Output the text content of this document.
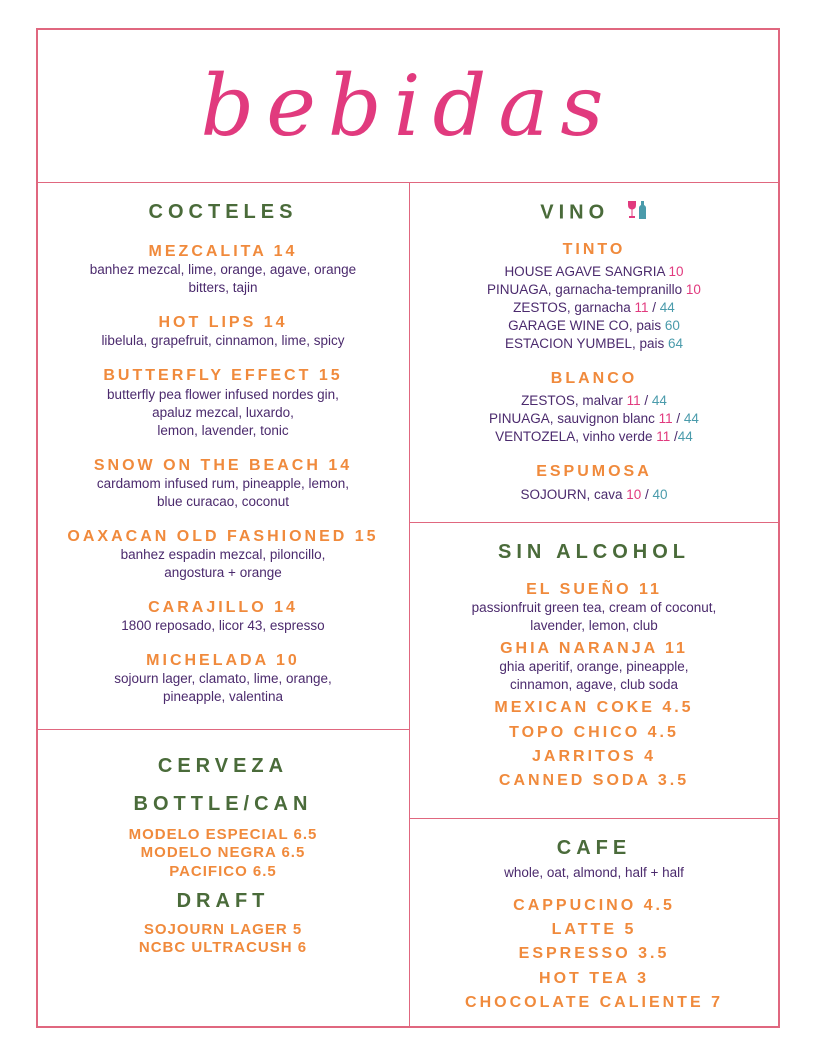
bebidas
COCTELES
MEZCALITA 14

banhez mezcal, lime, orange, agave, orange

bitters, tajin

HOT LIPS 14

libelula, grapefruit, cinnamon, lime, spicy

BUTTERFLY EFFECT 15

butterfly pea flower infused nordes gin,

apaluz mezcal, luxardo,

lemon, lavender, tonic

SNOW ON THE BEACH 14

cardamom infused rum, pineapple, lemon,

blue curacao, coconut

OAXACAN OLD FASHIONED 15

banhez espadin mezcal, piloncillo,

angostura + orange

CARAJILLO 14

1800 reposado, licor 43, espresso

MICHELADA 10

sojourn lager, clamato, lime, orange,

pineapple, valentina

CERVEZA
BOTTLE/CAN
MODELO ESPECIAL 6.5
MODELO NEGRA 6.5
PACIFICO 6.5
DRAFT
SOJOURN LAGER 5
NCBC ULTRACUSH 6
VINO
TINTO

HOUSE AGAVE SANGRIA 10

PINUAGA, garnacha-tempranillo 10

ZESTOS, garnacha 11 / 44

GARAGE WINE CO, pais 60

ESTACION YUMBEL, pais 64

BLANCO

ZESTOS, malvar 11 / 44

PINUAGA, sauvignon blanc 11 / 44

VENTOZELA, vinho verde 11 /44

ESPUMOSA

SOJOURN, cava 10 / 40

SIN ALCOHOL
EL SUEÑO 11

passionfruit green tea, cream of coconut,

lavender, lemon, club

GHIA NARANJA 11

ghia aperitif, orange, pineapple,

cinnamon, agave, club soda

MEXICAN COKE 4.5
TOPO CHICO 4.5
JARRITOS 4
CANNED SODA 3.5
CAFE

whole, oat, almond, half + half

CAPPUCINO 4.5
LATTE 5
ESPRESSO 3.5
HOT TEA 3
CHOCOLATE CALIENTE 7
